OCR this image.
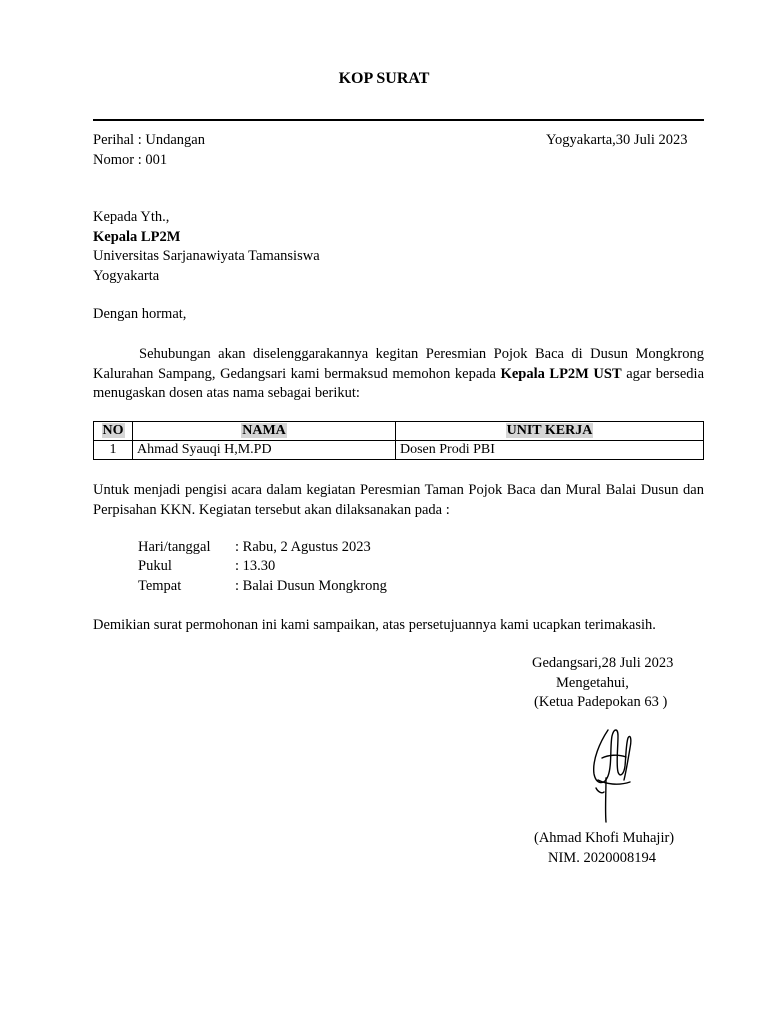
KOP SURAT
Perihal : Undangan
Nomor : 001
Yogyakarta,30 Juli 2023
Kepada Yth.,
Kepala LP2M
Universitas Sarjanawiyata Tamansiswa
Yogyakarta
Dengan hormat,
Sehubungan akan diselenggarakannya kegitan Peresmian Pojok Baca di Dusun Mongkrong Kalurahan Sampang, Gedangsari kami bermaksud memohon kepada Kepala LP2M UST agar bersedia menugaskan dosen atas nama sebagai berikut:
NO	NAMA	UNIT KERJA
1	Ahmad Syauqi H,M.PD	Dosen Prodi PBI
Untuk menjadi pengisi acara dalam kegiatan Peresmian Taman Pojok Baca dan Mural Balai Dusun dan Perpisahan KKN. Kegiatan tersebut akan dilaksanakan pada :
Hari/tanggal : Rabu, 2 Agustus 2023
Pukul	: 13.30
Tempat	: Balai Dusun Mongkrong
Demikian surat permohonan ini kami sampaikan, atas persetujuannya kami ucapkan terimakasih.
Gedangsari,28 Juli 2023
Mengetahui,
(Ketua Padepokan 63 )
(Ahmad Khofi Muhajir)
NIM. 2020008194
